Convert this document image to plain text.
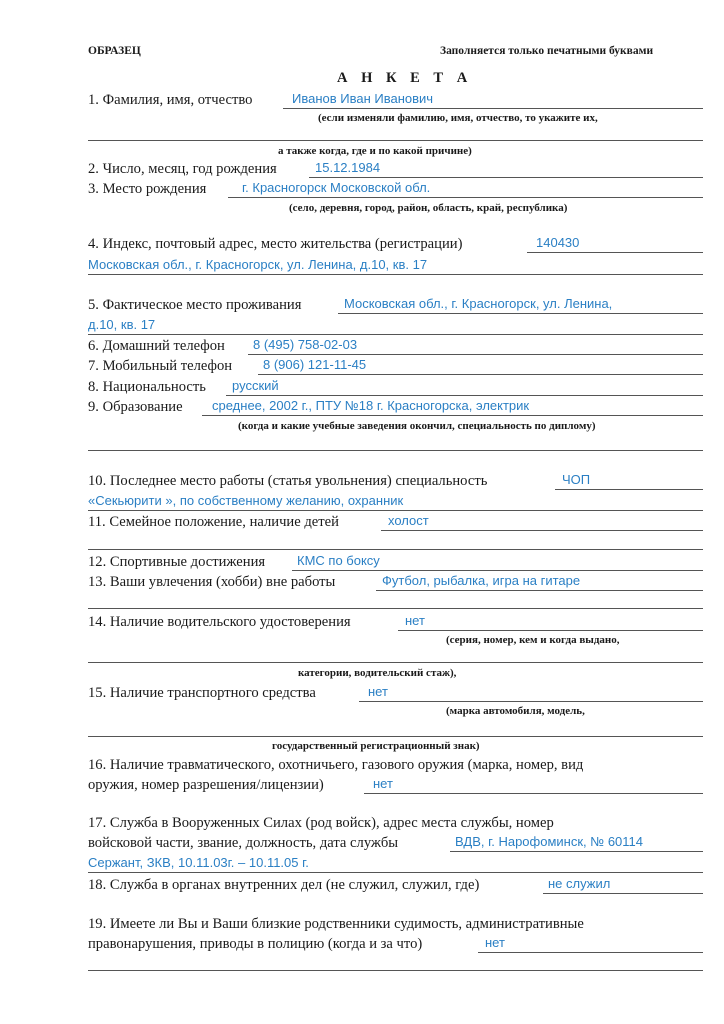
ОБРАЗЕЦ	Заполняется только печатными буквами
А Н К Е Т А
1. Фамилия, имя, отчество	Иванов Иван Иванович
(если изменяли фамилию, имя, отчество, то укажите их,
а также когда, где и по какой причине)
2. Число, месяц, год рождения	15.12.1984
3. Место рождения	г. Красногорск Московской обл.
(село, деревня, город, район, область, край, республика)
4. Индекс, почтовый адрес, место жительства (регистрации)	140430
Московская обл., г. Красногорск, ул. Ленина, д.10, кв. 17
5. Фактическое место проживания	Московская обл., г. Красногорск, ул. Ленина,
д.10, кв. 17
6. Домашний телефон 8 (495) 758-02-03
7. Мобильный телефон 8 (906) 121-11-45
8. Национальность русский
9. Образование среднее, 2002 г., ПТУ №18 г. Красногорска, электрик
(когда и какие учебные заведения окончил, специальность по диплому)
10. Последнее место работы (статья увольнения) специальность	ЧОП
«Секьюрити », по собственному желанию, охранник
11. Семейное положение, наличие детей	холост
12. Спортивные достижения КМС по боксу
13. Ваши увлечения (хобби) вне работы	Футбол, рыбалка, игра на гитаре
14. Наличие водительского удостоверения	нет
(серия, номер, кем и когда выдано,
категории, водительский стаж),
15. Наличие транспортного средства	нет
(марка автомобиля, модель,
государственный регистрационный знак)
16. Наличие травматического, охотничьего, газового оружия (марка, номер, вид
оружия, номер разрешения/лицензии)	нет
17. Служба в Вооруженных Силах (род войск), адрес места службы, номер
войсковой части, звание, должность, дата службы	ВДВ, г. Нарофоминск, № 60114
Сержант, ЗКВ, 10.11.03г. – 10.11.05 г.
18. Служба в органах внутренних дел (не служил, служил, где)	не служил
19. Имеете ли Вы и Ваши близкие родственники судимость, административные
правонарушения, приводы в полицию (когда и за что)	нет
